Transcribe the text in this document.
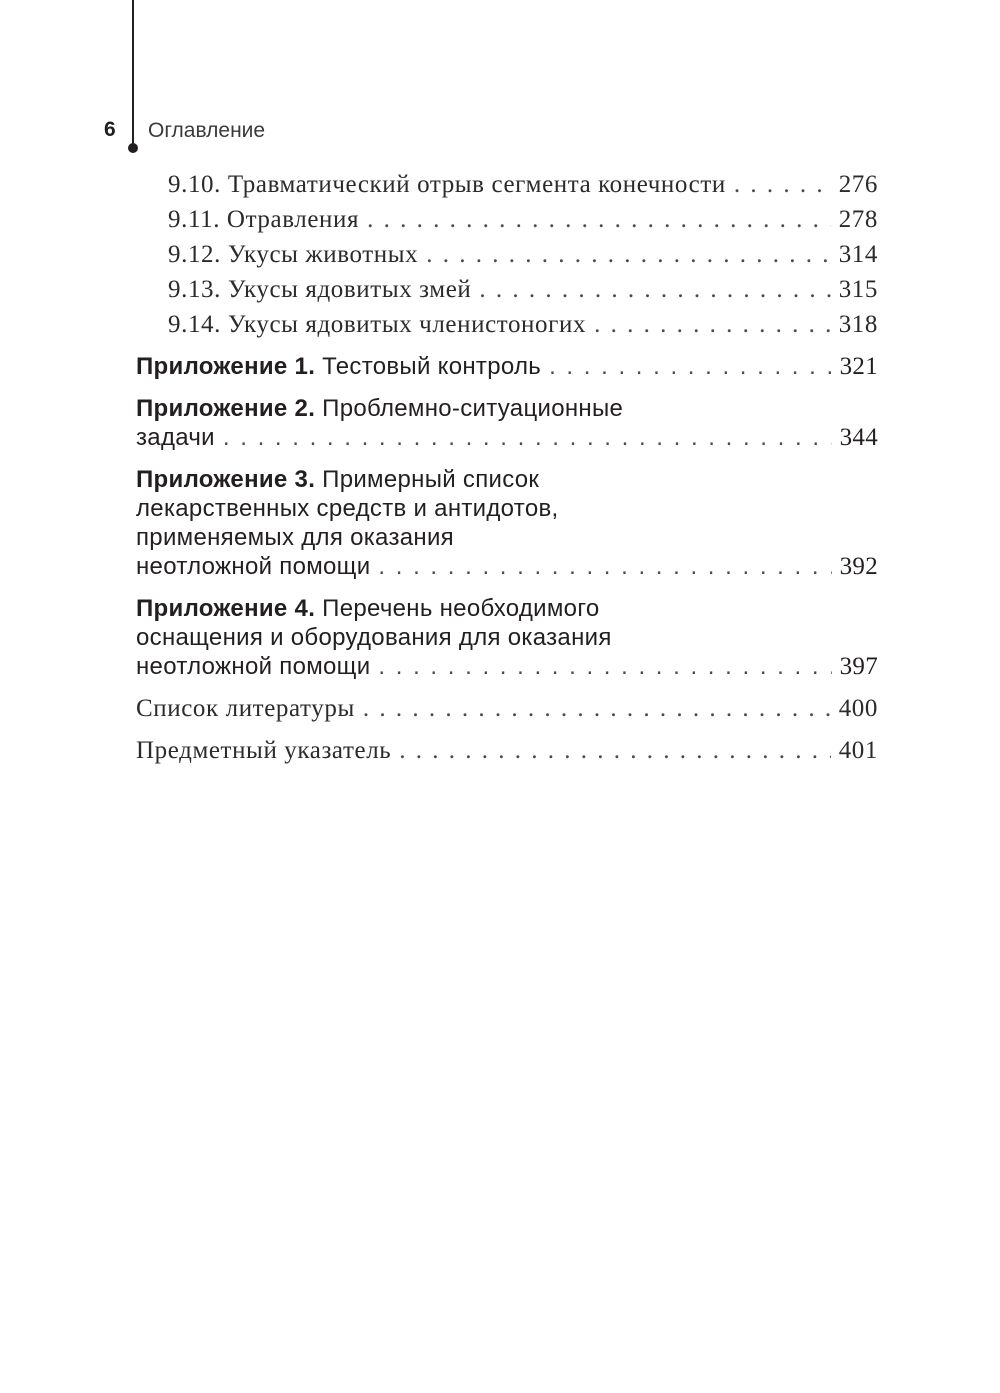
6 Оглавление
9.10. Травматический отрыв сегмента конечности . . .	276
9.11. Отравления . . .	278
9.12. Укусы животных . . .	314
9.13. Укусы ядовитых змей . . .	315
9.14. Укусы ядовитых членистоногих . . .	318
Приложение 1. Тестовый контроль . . .	321
Приложение 2. Проблемно-ситуационные
задачи . . .	344
Приложение 3. Примерный список
лекарственных средств и антидотов,
применяемых для оказания
неотложной помощи . . .	392
Приложение 4. Перечень необходимого
оснащения и оборудования для оказания
неотложной помощи . . .	397
Список литературы . . .	400
Предметный указатель . . .	401
